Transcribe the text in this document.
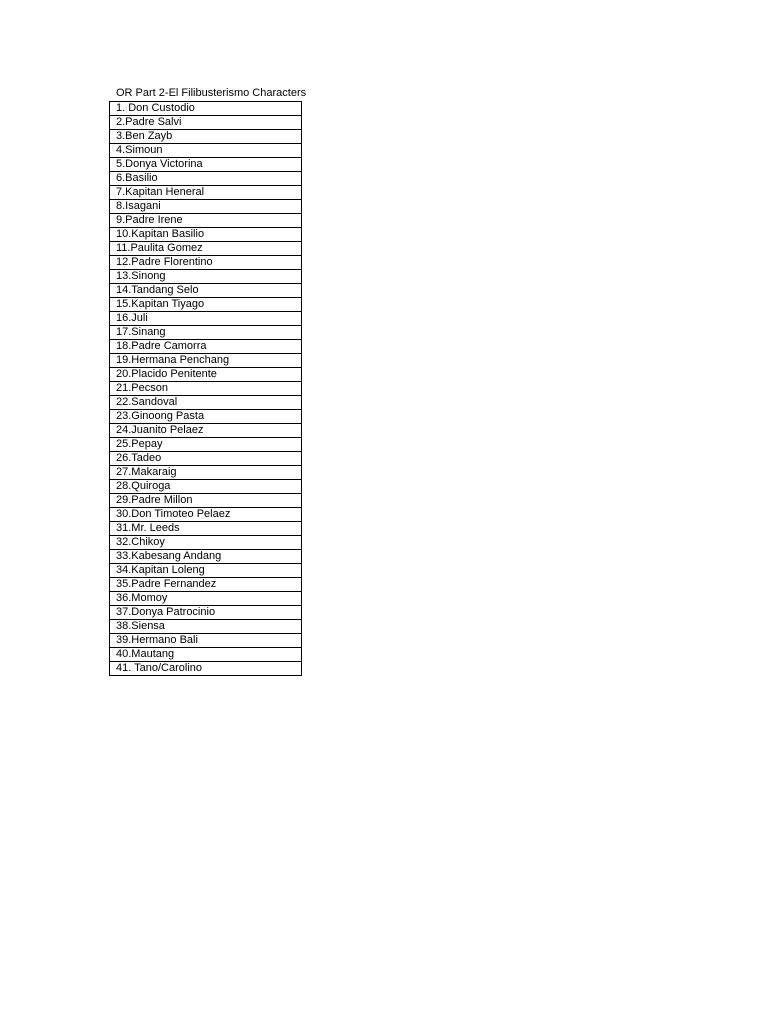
OR Part 2-El Filibusterismo Characters
1. Don Custodio
2.Padre Salvi
3.Ben Zayb
4.Simoun
5.Donya Victorina
6.Basilio
7.Kapitan Heneral
8.Isagani
9.Padre Irene
10.Kapitan Basilio
11.Paulita Gomez
12.Padre Florentino
13.Sinong
14.Tandang Selo
15.Kapitan Tiyago
16.Juli
17.Sinang
18.Padre Camorra
19.Hermana Penchang
20.Placido Penitente
21.Pecson
22.Sandoval
23.Ginoong Pasta
24.Juanito Pelaez
25.Pepay
26.Tadeo
27.Makaraig
28.Quiroga
29.Padre Millon
30.Don Timoteo Pelaez
31.Mr. Leeds
32.Chikoy
33.Kabesang Andang
34.Kapitan Loleng
35.Padre Fernandez
36.Momoy
37.Donya Patrocinio
38.Siensa
39.Hermano Bali
40.Mautang
41. Tano/Carolino
